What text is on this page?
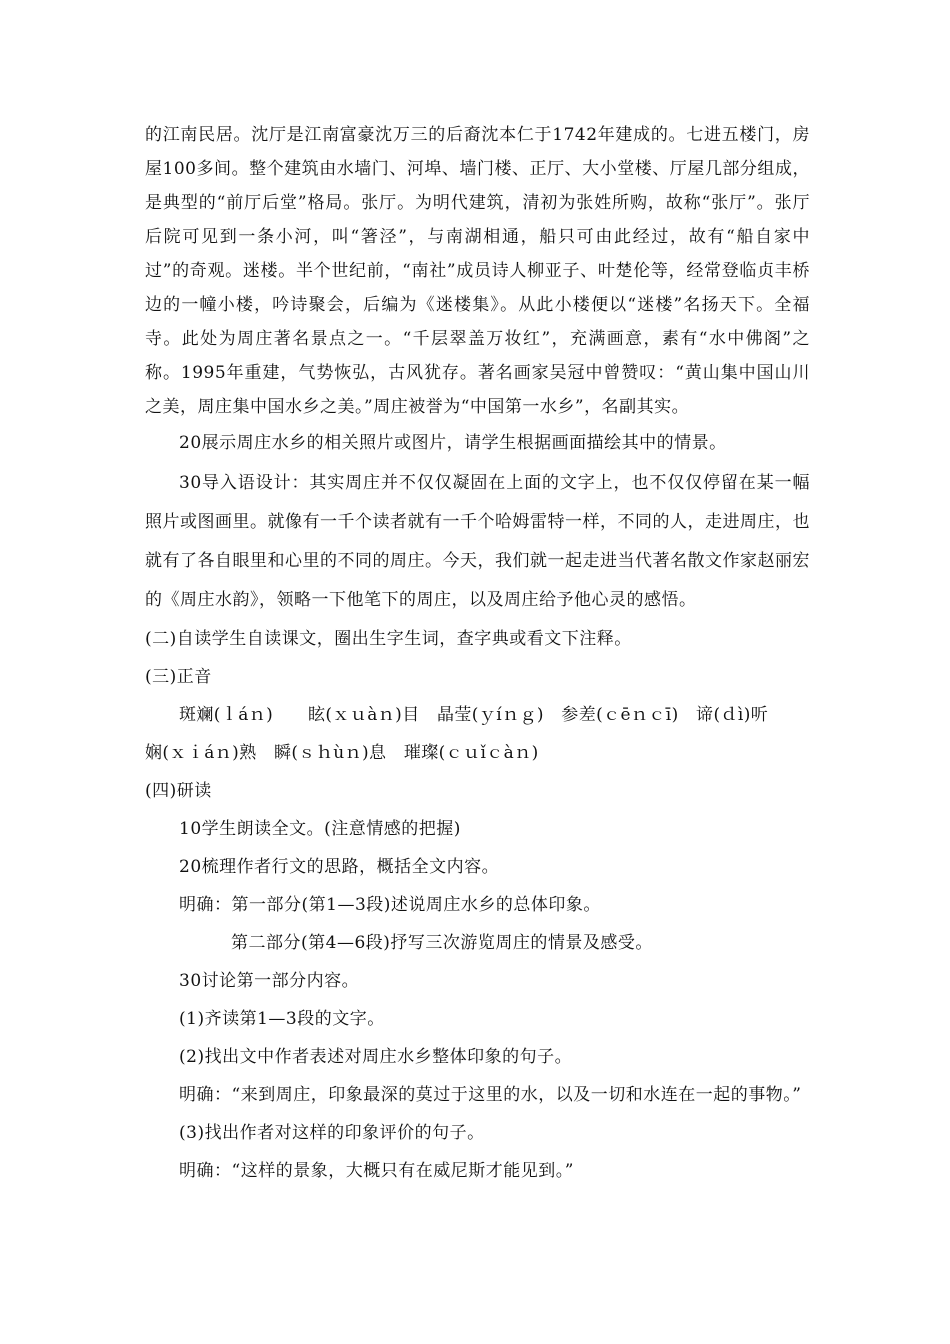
的江南民居。沈厅是江南富豪沈万三的后裔沈本仁于1742年建成的。七进五楼门，房屋100多间。整个建筑由水墙门、河埠、墙门楼、正厅、大小堂楼、厅屋几部分组成，是典型的“前厅后堂”格局。张厅。为明代建筑，清初为张姓所购，故称“张厅”。张厅后院可见到一条小河，叫“箸泾”，与南湖相通，船只可由此经过，故有“船自家中过”的奇观。迷楼。半个世纪前，“南社”成员诗人柳亚子、叶楚伦等，经常登临贞丰桥边的一幢小楼，吟诗聚会，后编为《迷楼集》。从此小楼便以“迷楼”名扬天下。全福寺。此处为周庄著名景点之一。“千层翠盖万妆红”，充满画意，素有“水中佛阁”之称。1995年重建，气势恢弘，古风犹存。著名画家吴冠中曾赞叹：“黄山集中国山川之美，周庄集中国水乡之美。”周庄被誉为“中国第一水乡”，名副其实。

20展示周庄水乡的相关照片或图片，请学生根据画面描绘其中的情景。

30导入语设计：其实周庄并不仅仅凝固在上面的文字上，也不仅仅停留在某一幅照片或图画里。就像有一千个读者就有一千个哈姆雷特一样，不同的人，走进周庄，也就有了各自眼里和心里的不同的周庄。今天，我们就一起走进当代著名散文作家赵丽宏的《周庄水韵》，领略一下他笔下的周庄，以及周庄给予他心灵的感悟。

(二)自读学生自读课文，圈出生字生词，查字典或看文下注释。

(三)正音

斑斓(ｌáｎ)　　眩(ｘｕàｎ)目　晶莹(ｙíｎｇ)　参差(ｃēｎｃī)　谛(ｄì)听

娴(ｘｉáｎ)熟　瞬(ｓｈùｎ)息　璀璨(ｃｕǐｃàｎ)

(四)研读

10学生朗读全文。(注意情感的把握)

20梳理作者行文的思路，概括全文内容。

明确：第一部分(第1—3段)述说周庄水乡的总体印象。

第二部分(第4—6段)抒写三次游览周庄的情景及感受。

30讨论第一部分内容。

(1)齐读第1—3段的文字。

(2)找出文中作者表述对周庄水乡整体印象的句子。

明确：“来到周庄，印象最深的莫过于这里的水，以及一切和水连在一起的事物。”

(3)找出作者对这样的印象评价的句子。

明确：“这样的景象，大概只有在威尼斯才能见到。”
